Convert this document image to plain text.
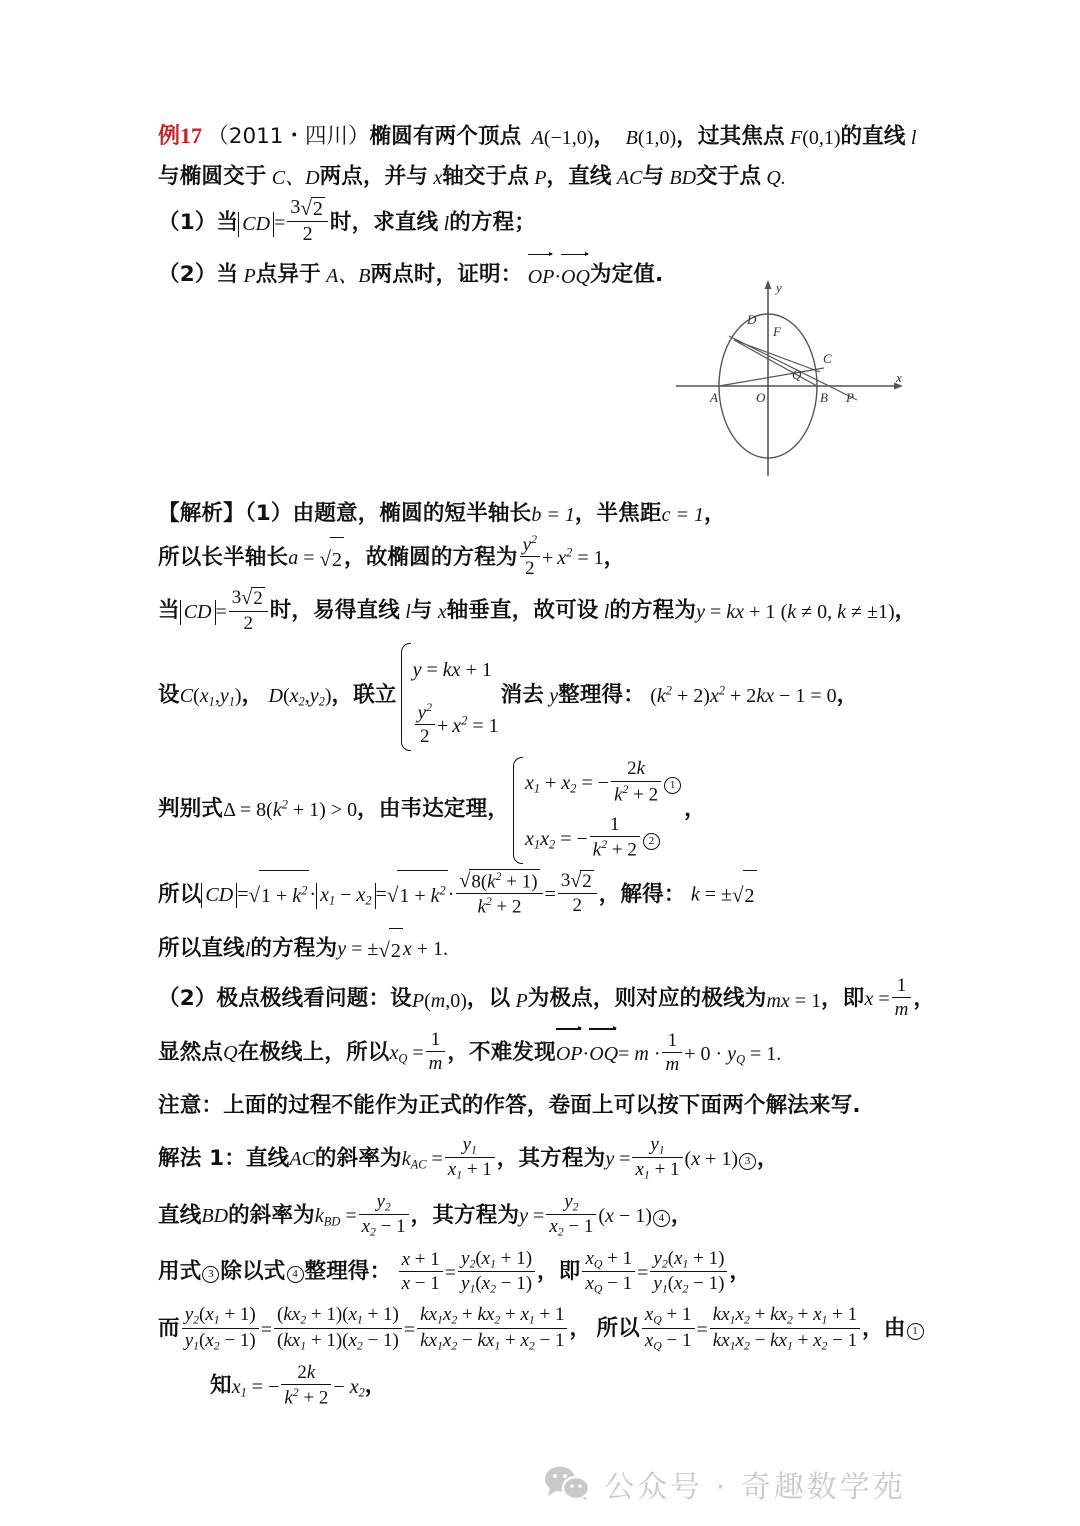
例17 （2011・四川）椭圆有两个顶点 A(−1,0)， B(1,0)，过其焦点 F(0,1)的直线 l
与椭圆交于 C、D两点，并与 x轴交于点 P，直线 AC与 BD交于点 Q.
（1）当 CD = $\frac{3√2}{2}$ 时，求直线 l的方程；
（2）当 P点异于 A、B两点时，证明： OP·
OQ为定值.
D
F
C
Q
A	O	B P
y
x
【解析】（1）由题意，椭圆的短半轴长b = 1，半焦距c = 1，
所以长半轴长a = √2，故椭圆的方程为 $\frac{y^2}{2} + x^2 = 1$，
当 CD = $\frac{3√2}{2}$ 时，易得直线 l与 x轴垂直，故可设 l的方程为y = kx + 1 (k ≠ 0, k ≠ ±1)，
设$C(x_1,y_1)$， $D(x_2,y_2)$，联立
y = kx + 1
$\frac{y^2}{2} + x^2 = 1$
消去 y整理得： $(k^2 + 2)x^2 + 2kx - 1 = 0$，
判别式$\Delta = 8(k^2 + 1) > 0$，由韦达定理，
$x_1 + x_2$ = − $\frac{2k}{k^2 + 2} 1$
$x_1x_2$ = − $\frac{1}{k^2 + 2} 2$
，
所以 CD $=√1 + k^2 \cdot x_1 - x_2 =√1 + k^2 \cdot \frac{√8(k^2 + 1)}{k^2 + 2} = \frac{3√2}{2}$ ，解得： k = ±√2
所以直线l的方程为y = ±√2 x + 1.
（2）极点极线看问题：设P(m,0)，以 P为极点，则对应的极线为mx = 1，即$x = \frac{1}{m}$ ，
显然点Q在极线上，所以$x_Q = \frac{1}{m}$ ，不难发现
OP·
$OQ= m \cdot \frac{1}{m} + 0 \cdot y_Q = 1$.
注意：上面的过程不能作为正式的作答，卷面上可以按下面两个解法来写.
解法 1：直线AC的斜率为$k_{AC} = \frac{y_1}{x_1 + 1}$ ，其方程为$y = \frac{y_1}{x_1 + 1} (x + 1)$ 3 ，
直线BD的斜率为$k_{BD} = \frac{y_2}{x_2 - 1}$ ，其方程为$y = \frac{y_2}{x_2 - 1} (x - 1)$ 4 ，
用式 3 除以式 4 整理得： $\frac{x + 1}{x - 1} = \frac{y_2(x_1 + 1)}{y_1(x_2 - 1)}$ ，即 $\frac{x_Q + 1}{x_Q - 1} = \frac{y_2(x_1 + 1)}{y_1(x_2 - 1)}$ ，
而 $\frac{y_2(x_1 + 1)}{y_1(x_2 - 1)} = \frac{(kx_2 + 1)(x_1 + 1)}{(kx_1 + 1)(x_2 - 1)} = \frac{kx_1x_2 + kx_2 + x_1 + 1}{kx_1x_2 - kx_1 + x_2 - 1}$ ， 所以 $\frac{x_Q + 1}{x_Q - 1} = \frac{kx_1x_2 + kx_2 + x_1 + 1}{kx_1x_2 - kx_1 + x_2 - 1}$ ，由 1
知$x_1$ = − $\frac{2k}{k^2 + 2} - x_2$，
公众号 · 奇趣数学苑
